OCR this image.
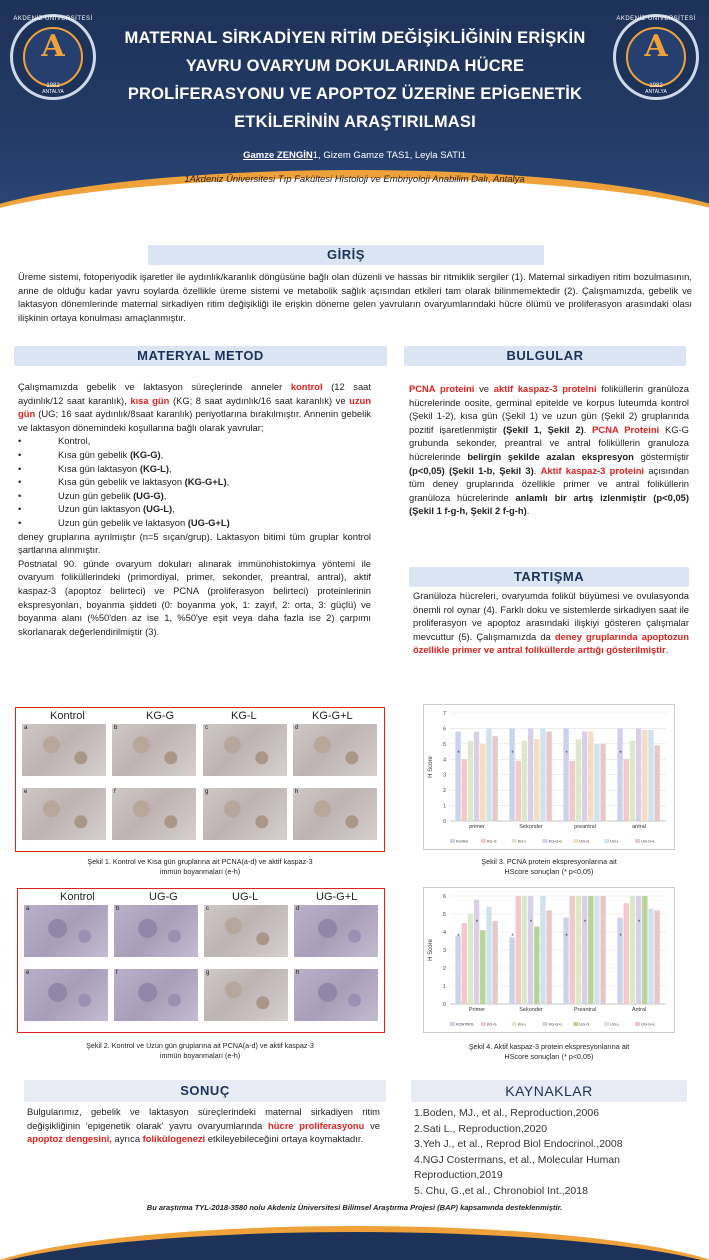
AKDENİZ ÜNİVERSİTESİ
A
1982
ANTALYA
AKDENİZ ÜNİVERSİTESİ
A
1982
ANTALYA
MATERNAL SİRKADİYEN RİTİM DEĞİŞİKLİĞİNİN ERİŞKİN
YAVRU OVARYUM DOKULARINDA HÜCRE
PROLİFERASYONU VE APOPTOZ ÜZERİNE EPİGENETİK
ETKİLERİNİN ARAŞTIRILMASI
Gamze ZENGİN1, Gizem Gamze TAS1, Leyla SATI1
1Akdeniz Üniversitesi Tıp Fakültesi Histoloji ve Embriyoloji Anabilim Dalı, Antalya
GİRİŞ
Üreme sistemi, fotoperiyodik işaretler ile aydınlık/karanlık döngüsüne bağlı olan düzenli ve hassas bir ritmiklik sergiler (1). Maternal sirkadiyen ritim bozulmasının, anne de olduğu kadar yavru soylarda özellikle üreme sistemi ve metabolik sağlık açısından etkileri tam olarak bilinmemektedir (2). Çalışmamızda, gebelik ve laktasyon dönemlerinde maternal sirkadiyen ritim değişikliği ile erişkin döneme gelen yavruların ovaryumlarındaki hücre ölümü ve proliferasyon arasındaki olası ilişkinin ortaya konulması amaçlanmıştır.
MATERYAL METOD
Çalışmamızda gebelik ve laktasyon süreçlerinde anneler kontrol (12 saat aydınlık/12 saat karanlık), kısa gün (KG; 8 saat aydınlık/16 saat karanlık) ve uzun gün (UG; 16 saat aydınlık/8saat karanlık) periyotlarına bırakılmıştır. Annenin gebelik ve laktasyon dönemindeki koşullarına bağlı olarak yavrular;
• Kontrol,
• Kısa gün gebelik (KG-G),
• Kısa gün laktasyon (KG-L),
• Kısa gün gebelik ve laktasyon (KG-G+L),
• Uzun gün gebelik (UG-G),
• Uzun gün laktasyon (UG-L),
• Uzun gün gebelik ve laktasyon (UG-G+L)
deney gruplarına ayrılmıştır (n=5 sıçan/grup). Laktasyon bitimi tüm gruplar kontrol şartlarına alınmıştır.
Postnatal 90. günde ovaryum dokuları alınarak immünohistokimya yöntemi ile ovaryum foliküllerindeki (primordiyal, primer, sekonder, preantral, antral), aktif kaspaz-3 (apoptoz belirteci) ve PCNA (proliferasyon belirteci) proteinlerinin ekspresyonları, boyanma şiddeti (0: boyanma yok, 1: zayıf, 2: orta, 3: güçlü) ve boyanma alanı (%50'den az ise 1, %50'ye eşit veya daha fazla ise 2) çarpımı skorlanarak değerlendirilmiştir (3).
BULGULAR
PCNA proteini ve aktif kaspaz-3 proteini foliküllerin granüloza hücrelerinde oosite, germinal epitelde ve korpus luteumda kontrol (Şekil 1-2), kısa gün (Şekil 1) ve uzun gün (Şekil 2) gruplarında pozitif işaretlenmiştir (Şekil 1, Şekil 2). PCNA Proteini KG-G grubunda sekonder, preantral ve antral foliküllerin granuloza hücrelerinde belirgin şekilde azalan ekspresyon göstermiştir (p<0,05) (Şekil 1-b, Şekil 3). Aktif kaspaz-3 proteini açısından tüm deney gruplarında özellikle primer ve antral foliküllerin granüloza hücrelerinde anlamlı bir artış izlenmiştir (p<0,05) (Şekil 1 f-g-h, Şekil 2 f-g-h).
TARTIŞMA
Granüloza hücreleri, ovaryumda folikül büyümesi ve ovulasyonda önemli rol oynar (4). Farklı doku ve sistemlerde sirkadiyen saat ile proliferasyon ve apoptoz arasındaki ilişkiyi gösteren çalışmalar mevcuttur (5). Çalışmamızda da deney gruplarında apoptozun özellikle primer ve antral foliküllerde arttığı gösterilmiştir.
Kontrol	KG-G	KG-L	KG-G+L
a	b	c	d
e	f	g	h
Şekil 1. Kontrol ve Kısa gün gruplarına ait PCNA(a-d) ve aktif kaspaz-3
immün boyanmaları (e-h)
Kontrol	UG-G	UG-L	UG-G+L
a	b	c	d
e	f	g	h
Şekil 2. Kontrol ve Uzun gün gruplarına ait PCNA(a-d) ve aktif kaspaz-3
immün boyanmaları (e-h)
0
1
2
3
4
5
6
7
H Score
primer	Sekonder	preantral	antral
*	*	*	*
Kontrol	KG-G	KG-L	KG-G+L	UG-G	UG-L	UG-G+L
Şekil 3. PCNA protein ekspresyonlarına ait
HScore sonuçları (* p<0,05)
0
1
2
3
4
5
6
H Score
Primer	Sekonder	Preantral	Antral
*	*	*	*
*	*	*	*
KONTROL	KG-G	KG-L	KG-G+L	UG-G	UG-L	UG-G+L
Şekil 4. Aktif kaspaz-3 protein ekspresyonlarına ait
HScore sonuçları (* p<0,05)
SONUÇ
Bulgularımız, gebelik ve laktasyon süreçlerindeki maternal sirkadiyen ritim değişikliğinin 'epigenetik olarak' yavru ovaryumlarında hücre proliferasyonu ve apoptoz dengesini, ayrıca folikülogenezi etkileyebileceğini ortaya koymaktadır.
KAYNAKLAR
1.Boden, MJ., et al., Reproduction,2006
2.Sati L., Reproduction,2020
3.Yeh J., et al., Reprod Biol Endocrinol.,2008
4.NGJ Costermans, et al., Molecular Human Reproduction,2019
5. Chu, G.,et al., Chronobiol Int.,2018
Bu araştırma TYL-2018-3580 nolu Akdeniz Üniversitesi Bilimsel Araştırma Projesi (BAP) kapsamında desteklenmiştir.
